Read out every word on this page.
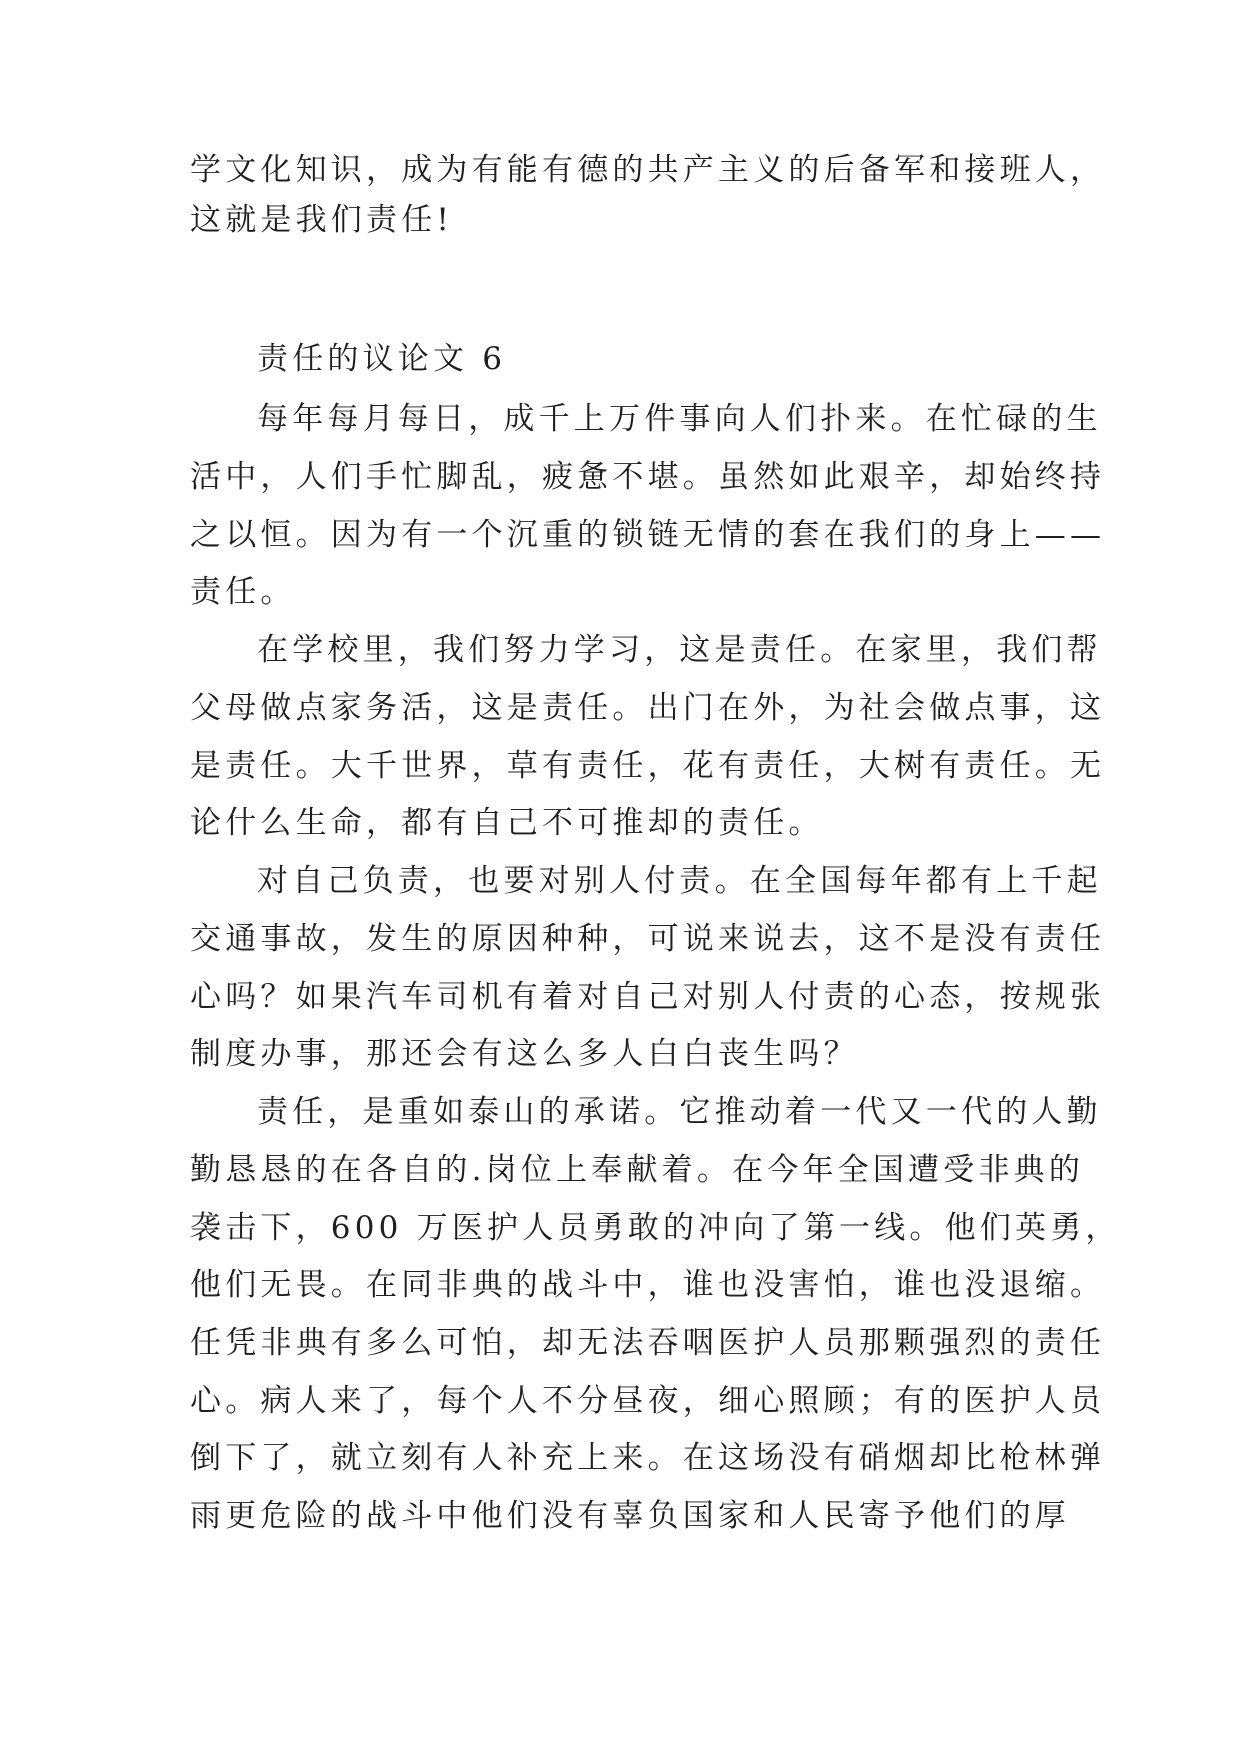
学文化知识，成为有能有德的共产主义的后备军和接班人，
这就是我们责任!
责任的议论文 6
每年每月每日，成千上万件事向人们扑来。在忙碌的生
活中，人们手忙脚乱，疲惫不堪。虽然如此艰辛，却始终持
之以恒。因为有一个沉重的锁链无情的套在我们的身上——
责任。
在学校里，我们努力学习，这是责任。在家里，我们帮
父母做点家务活，这是责任。出门在外，为社会做点事，这
是责任。大千世界，草有责任，花有责任，大树有责任。无
论什么生命，都有自己不可推却的责任。
对自己负责，也要对别人付责。在全国每年都有上千起
交通事故，发生的原因种种，可说来说去，这不是没有责任
心吗？如果汽车司机有着对自己对别人付责的心态，按规张
制度办事，那还会有这么多人白白丧生吗？
责任，是重如泰山的承诺。它推动着一代又一代的人勤
勤恳恳的在各自的.岗位上奉献着。在今年全国遭受非典的
袭击下，600 万医护人员勇敢的冲向了第一线。他们英勇，
他们无畏。在同非典的战斗中，谁也没害怕，谁也没退缩。
任凭非典有多么可怕，却无法吞咽医护人员那颗强烈的责任
心。病人来了，每个人不分昼夜，细心照顾；有的医护人员
倒下了，就立刻有人补充上来。在这场没有硝烟却比枪林弹
雨更危险的战斗中他们没有辜负国家和人民寄予他们的厚
